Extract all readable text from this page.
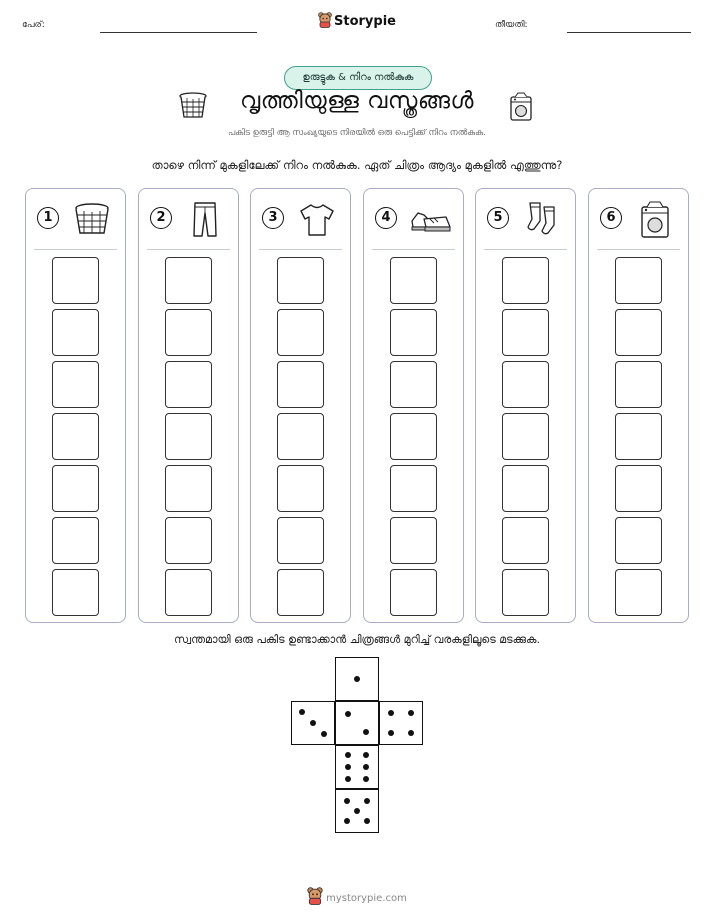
പേര്:	Storypie	തീയതി:
ഉരുട്ടുക & നിറം നൽകുക
വൃത്തിയുള്ള വസ്ത്രങ്ങൾ
പകിട ഉരുട്ടി ആ സംഖ്യയുടെ നിരയിൽ ഒരു പെട്ടിക്ക് നിറം നൽകുക.
താഴെ നിന്ന് മുകളിലേക്ക് നിറം നൽകുക. ഏത് ചിത്രം ആദ്യം മുകളിൽ എത്തുന്നു?
1	2	3	4	5	6
സ്വന്തമായി ഒരു പകിട ഉണ്ടാക്കാൻ ചിത്രങ്ങൾ മുറിച്ച് വരകളിലൂടെ മടക്കുക.
mystorypie.com
